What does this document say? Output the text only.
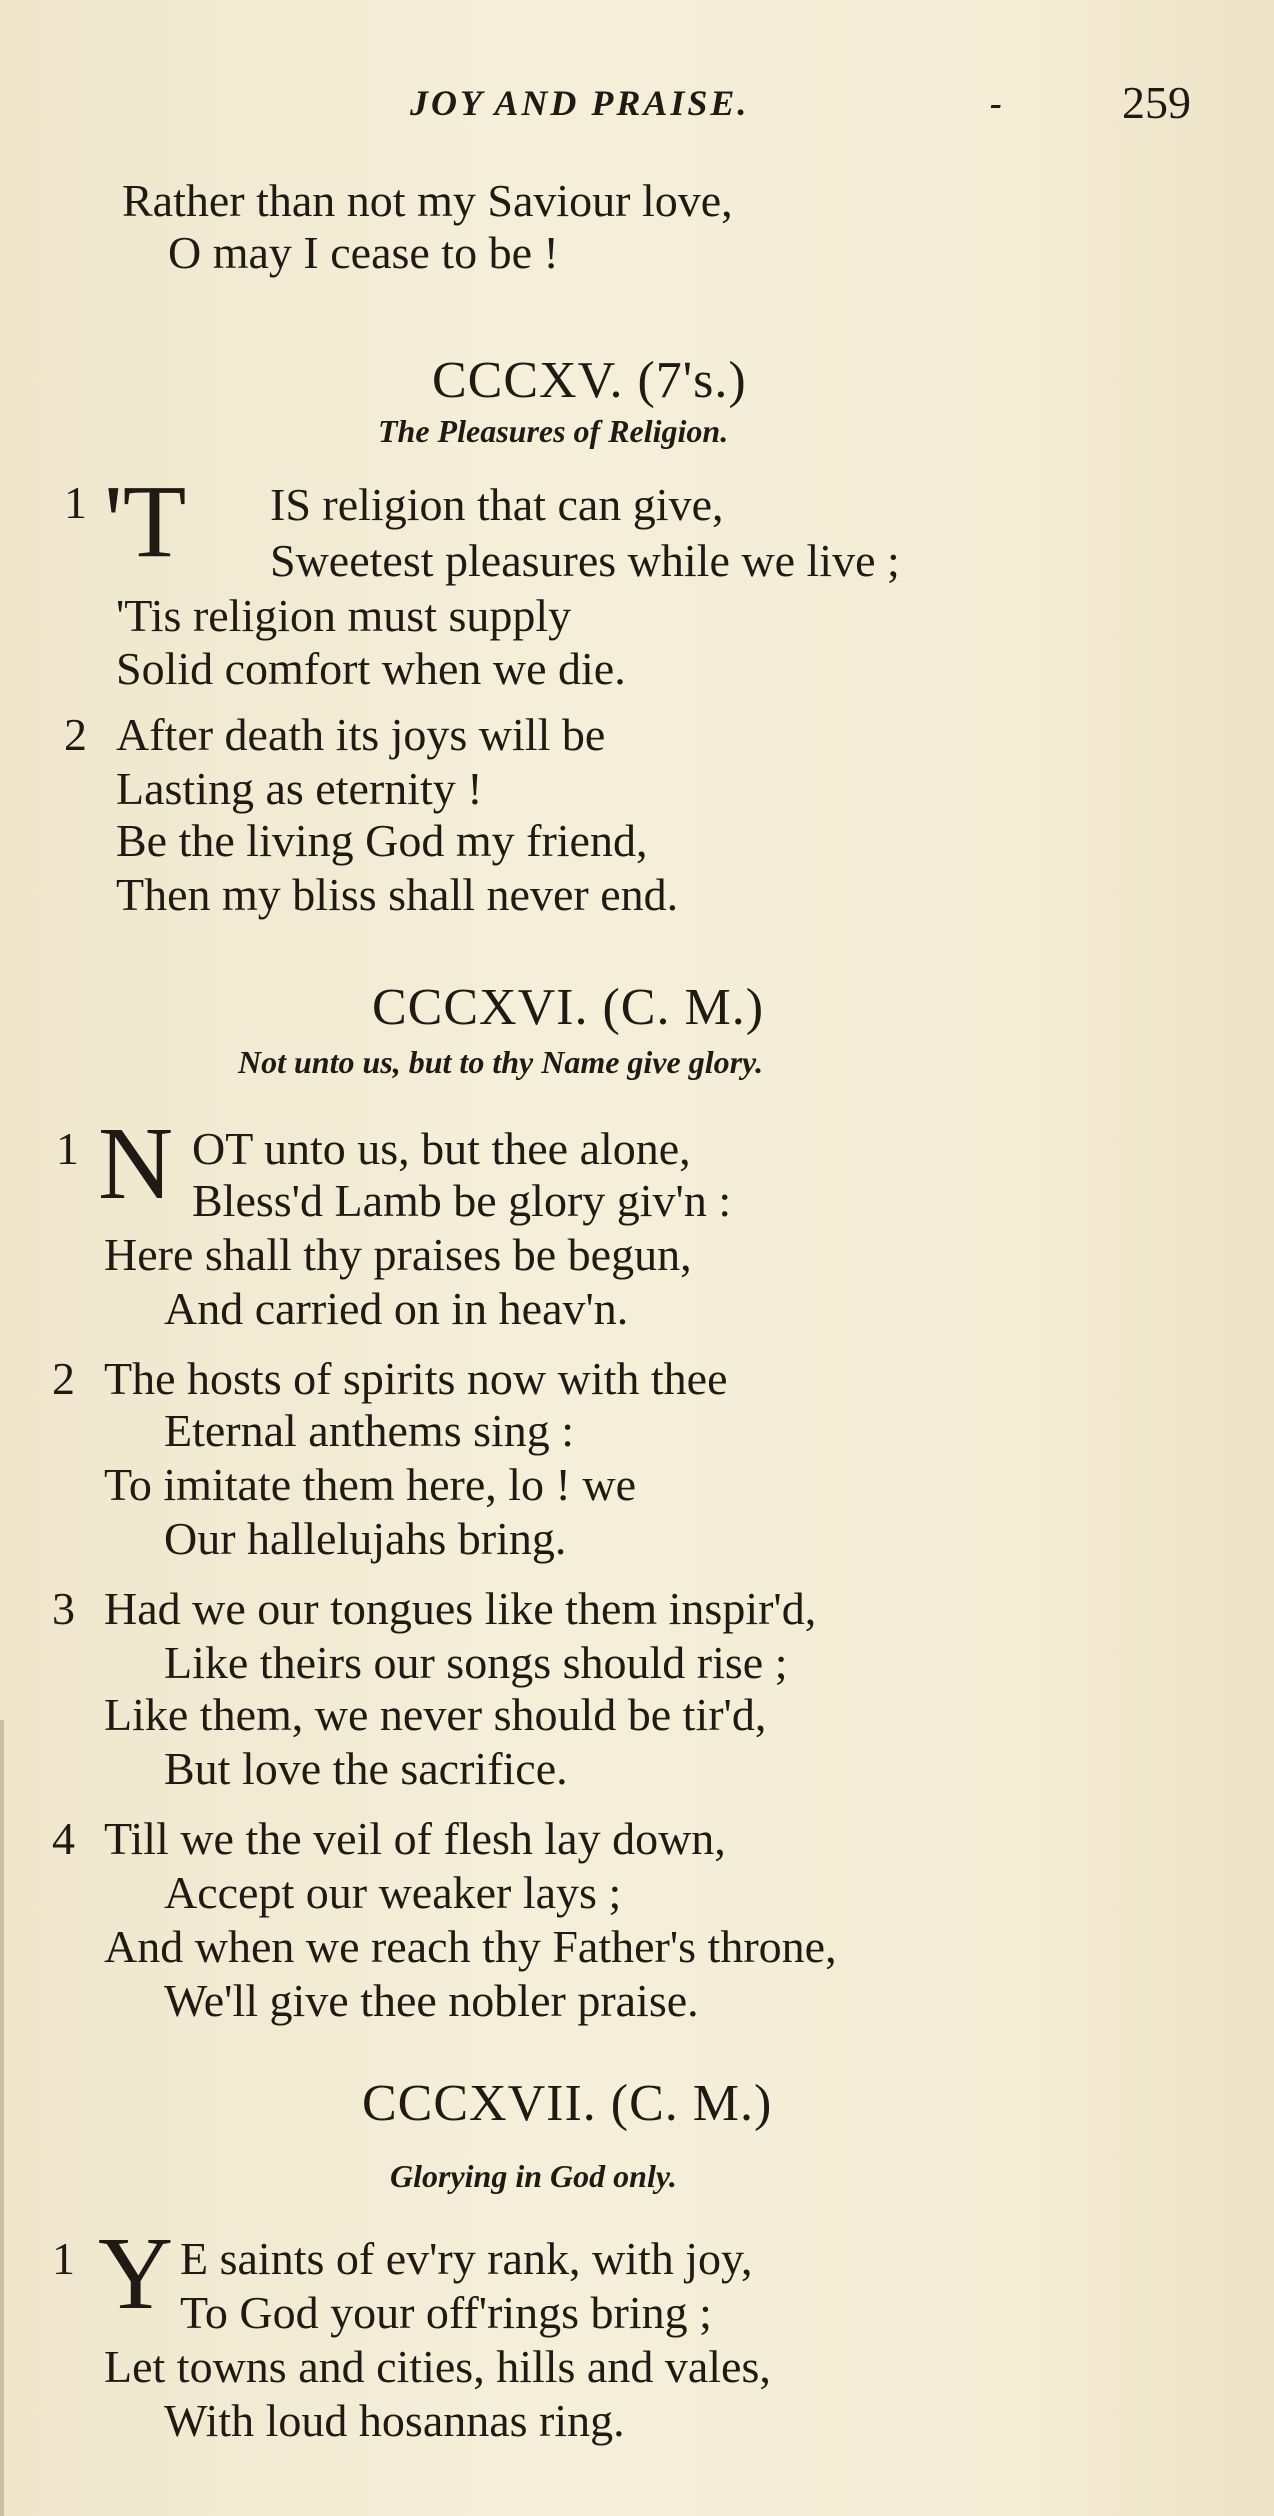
JOY AND PRAISE.	-	259
Rather than not my Saviour love,
O may I cease to be !
CCCXV. (7's.)
The Pleasures of Religion.
1 'T IS religion that can give,
Sweetest pleasures while we live ;
'Tis religion must supply
Solid comfort when we die.
2 After death its joys will be
Lasting as eternity !
Be the living God my friend,
Then my bliss shall never end.
CCCXVI. (C. M.)
Not unto us, but to thy Name give glory.
1 N OT unto us, but thee alone,
Bless'd Lamb be glory giv'n :
Here shall thy praises be begun,
And carried on in heav'n.
2 The hosts of spirits now with thee
Eternal anthems sing :
To imitate them here, lo ! we
Our hallelujahs bring.
3 Had we our tongues like them inspir'd,
Like theirs our songs should rise ;
Like them, we never should be tir'd,
But love the sacrifice.
4 Till we the veil of flesh lay down,
Accept our weaker lays ;
And when we reach thy Father's throne,
We'll give thee nobler praise.
CCCXVII. (C. M.)
Glorying in God only.
1 Y E saints of ev'ry rank, with joy,
To God your off'rings bring ;
Let towns and cities, hills and vales,
With loud hosannas ring.
